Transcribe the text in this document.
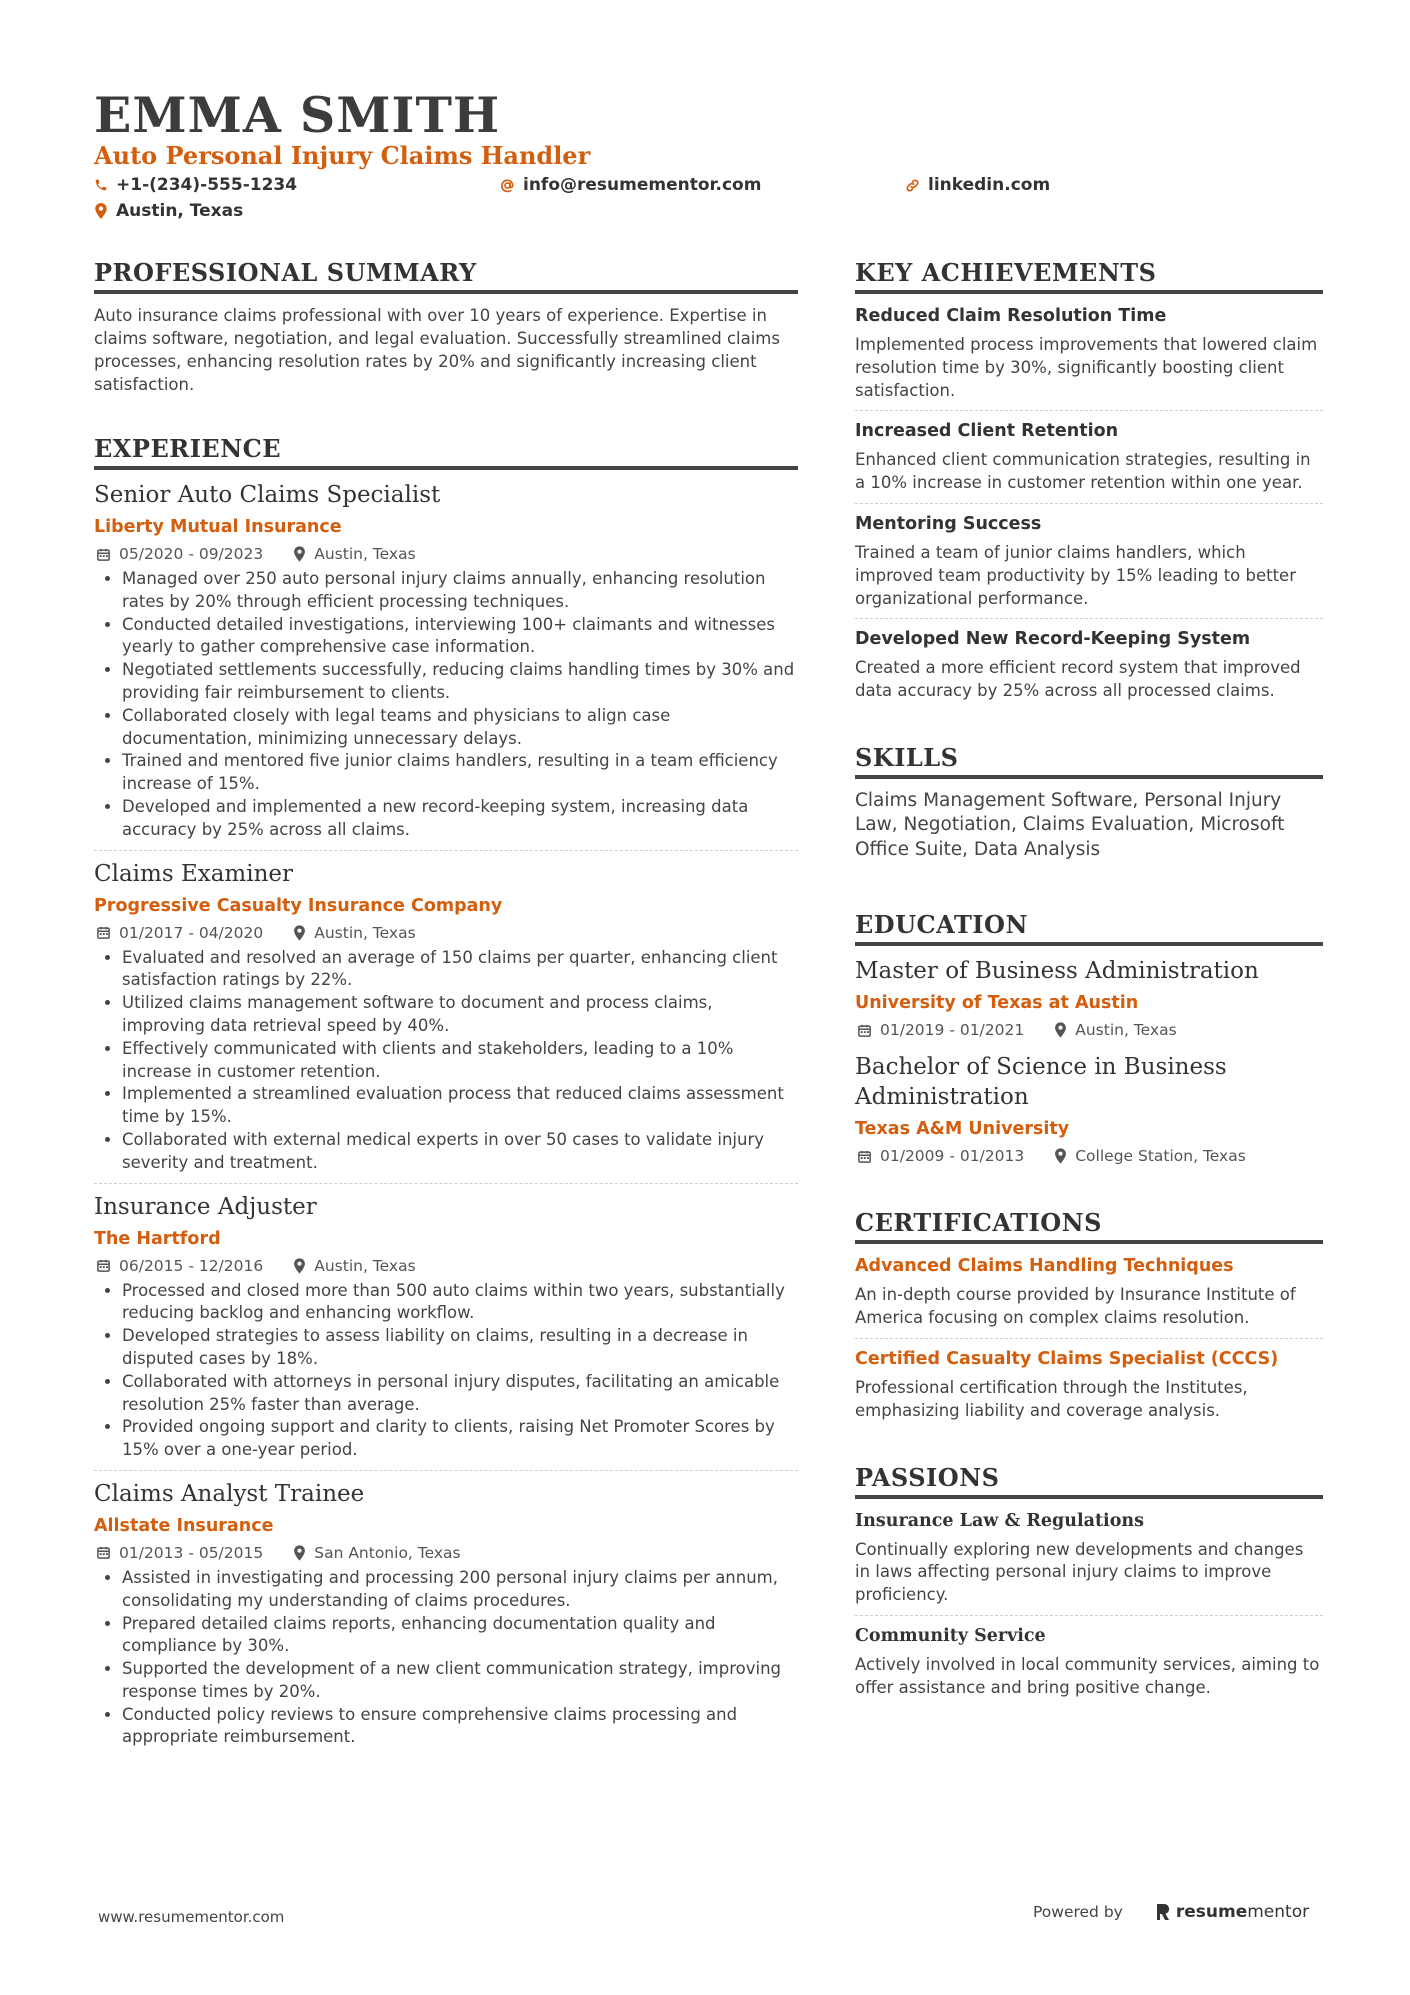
EMMA SMITH
Auto Personal Injury Claims Handler
+1-(234)-555-1234	info@resumementor.com	linkedin.com
Austin, Texas
PROFESSIONAL SUMMARY
Auto insurance claims professional with over 10 years of experience. Expertise in claims software, negotiation, and legal evaluation. Successfully streamlined claims processes, enhancing resolution rates by 20% and significantly increasing client satisfaction.
EXPERIENCE
Senior Auto Claims Specialist
Liberty Mutual Insurance
05/2020 - 09/2023	Austin, Texas
• Managed over 250 auto personal injury claims annually, enhancing resolution rates by 20% through efficient processing techniques.
• Conducted detailed investigations, interviewing 100+ claimants and witnesses yearly to gather comprehensive case information.
• Negotiated settlements successfully, reducing claims handling times by 30% and providing fair reimbursement to clients.
• Collaborated closely with legal teams and physicians to align case documentation, minimizing unnecessary delays.
• Trained and mentored five junior claims handlers, resulting in a team efficiency increase of 15%.
• Developed and implemented a new record-keeping system, increasing data accuracy by 25% across all claims.
Claims Examiner
Progressive Casualty Insurance Company
01/2017 - 04/2020	Austin, Texas
• Evaluated and resolved an average of 150 claims per quarter, enhancing client satisfaction ratings by 22%.
• Utilized claims management software to document and process claims, improving data retrieval speed by 40%.
• Effectively communicated with clients and stakeholders, leading to a 10% increase in customer retention.
• Implemented a streamlined evaluation process that reduced claims assessment time by 15%.
• Collaborated with external medical experts in over 50 cases to validate injury severity and treatment.
Insurance Adjuster
The Hartford
06/2015 - 12/2016	Austin, Texas
• Processed and closed more than 500 auto claims within two years, substantially reducing backlog and enhancing workflow.
• Developed strategies to assess liability on claims, resulting in a decrease in disputed cases by 18%.
• Collaborated with attorneys in personal injury disputes, facilitating an amicable resolution 25% faster than average.
• Provided ongoing support and clarity to clients, raising Net Promoter Scores by 15% over a one-year period.
Claims Analyst Trainee
Allstate Insurance
01/2013 - 05/2015	San Antonio, Texas
• Assisted in investigating and processing 200 personal injury claims per annum, consolidating my understanding of claims procedures.
• Prepared detailed claims reports, enhancing documentation quality and compliance by 30%.
• Supported the development of a new client communication strategy, improving response times by 20%.
• Conducted policy reviews to ensure comprehensive claims processing and appropriate reimbursement.
KEY ACHIEVEMENTS
Reduced Claim Resolution Time
Implemented process improvements that lowered claim resolution time by 30%, significantly boosting client satisfaction.
Increased Client Retention
Enhanced client communication strategies, resulting in a 10% increase in customer retention within one year.
Mentoring Success
Trained a team of junior claims handlers, which improved team productivity by 15% leading to better organizational performance.
Developed New Record-Keeping System
Created a more efficient record system that improved data accuracy by 25% across all processed claims.
SKILLS
Claims Management Software, Personal Injury Law, Negotiation, Claims Evaluation, Microsoft Office Suite, Data Analysis
EDUCATION
Master of Business Administration
University of Texas at Austin
01/2019 - 01/2021	Austin, Texas
Bachelor of Science in Business Administration
Texas A&M University
01/2009 - 01/2013	College Station, Texas
CERTIFICATIONS
Advanced Claims Handling Techniques
An in-depth course provided by Insurance Institute of America focusing on complex claims resolution.
Certified Casualty Claims Specialist (CCCS)
Professional certification through the Institutes, emphasizing liability and coverage analysis.
PASSIONS
Insurance Law & Regulations
Continually exploring new developments and changes in laws affecting personal injury claims to improve proficiency.
Community Service
Actively involved in local community services, aiming to offer assistance and bring positive change.
www.resumementor.com	Powered by	resume mentor
